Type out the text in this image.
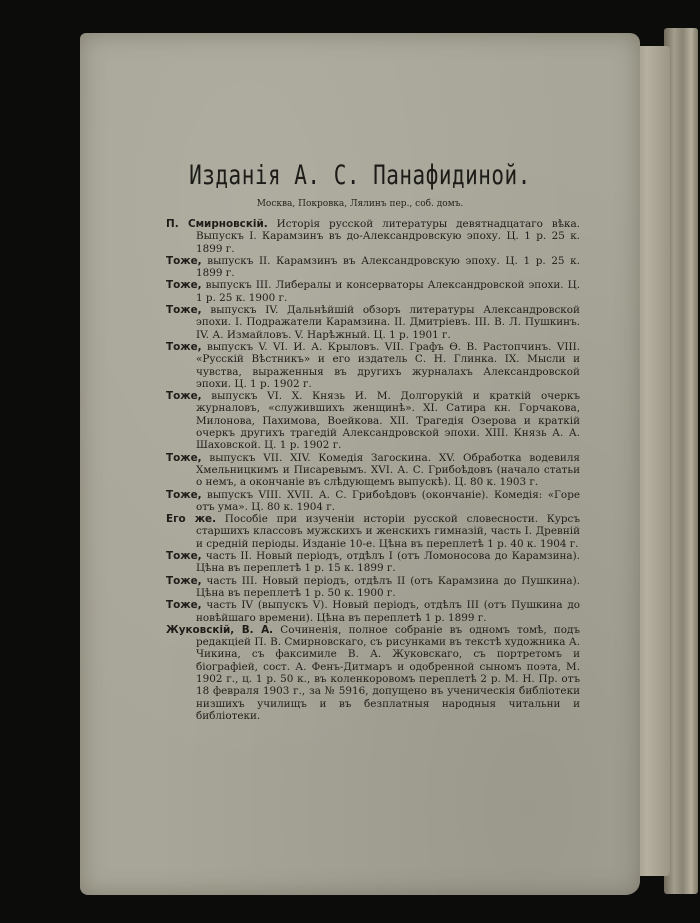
Изданія А. С. Панафидиной.
Москва, Покровка, Лялинъ пер., соб. домъ.
П. Смирновскій. Исторія русской литературы девятнадцатаго вѣка. Выпускъ I. Карамзинъ въ до-Александровскую эпоху. Ц. 1 р. 25 к. 1899 г.
Тоже, выпускъ II. Карамзинъ въ Александровскую эпоху. Ц. 1 р. 25 к. 1899 г.
Тоже, выпускъ III. Либералы и консерваторы Александровской эпохи. Ц. 1 р. 25 к. 1900 г.
Тоже, выпускъ IV. Дальнѣйшій обзоръ литературы Александровской эпохи. I. Подражатели Карамзина. II. Дмитріевъ. III. В. Л. Пушкинъ. IV. А. Измайловъ. V. Нарѣжный. Ц. 1 р. 1901 г.
Тоже, выпускъ V. VI. И. А. Крыловъ. VII. Графъ Ѳ. В. Растопчинъ. VIII. «Русскій Вѣстникъ» и его издатель С. Н. Глинка. IX. Мысли и чувства, выраженныя въ другихъ журналахъ Александровской эпохи. Ц. 1 р. 1902 г.
Тоже, выпускъ VI. X. Князь И. М. Долгорукій и краткій очеркъ журналовъ, «служившихъ женщинѣ». XI. Сатира кн. Горчакова, Милонова, Пахимова, Воейкова. XII. Трагедія Озерова и краткій очеркъ другихъ трагедій Александровской эпохи. XIII. Князь А. А. Шаховской. Ц. 1 р. 1902 г.
Тоже, выпускъ VII. XIV. Комедія Загоскина. XV. Обработка водевиля Хмельницкимъ и Писаревымъ. XVI. А. С. Грибоѣдовъ (начало статьи о немъ, а окончаніе въ слѣдующемъ выпускѣ). Ц. 80 к. 1903 г.
Тоже, выпускъ VIII. XVII. А. С. Грибоѣдовъ (окончаніе). Комедія: «Горе отъ ума». Ц. 80 к. 1904 г.
Его же. Пособіе при изученіи исторіи русской словесности. Курсъ старшихъ классовъ мужскихъ и женскихъ гимназій, часть I. Древній и средній періоды. Изданіе 10-е. Цѣна въ переплетѣ 1 р. 40 к. 1904 г.
Тоже, часть II. Новый періодъ, отдѣлъ I (отъ Ломоносова до Карамзина). Цѣна въ переплетѣ 1 р. 15 к. 1899 г.
Тоже, часть III. Новый періодъ, отдѣлъ II (отъ Карамзина до Пушкина). Цѣна въ переплетѣ 1 р. 50 к. 1900 г.
Тоже, часть IV (выпускъ V). Новый періодъ, отдѣлъ III (отъ Пушкина до новѣйшаго времени). Цѣна въ переплетѣ 1 р. 1899 г.
Жуковскій, В. А. Сочиненія, полное собраніе въ одномъ томѣ, подъ редакціей П. В. Смирновскаго, съ рисунками въ текстѣ художника А. Чикина, съ факсимиле В. А. Жуковскаго, съ портретомъ и біографіей, сост. А. Фенъ-Дитмаръ и одобренной сыномъ поэта, М. 1902 г., ц. 1 р. 50 к., въ коленкоровомъ переплетѣ 2 р. М. Н. Пр. отъ 18 февраля 1903 г., за № 5916, допущено въ ученическія библіотеки низшихъ училищъ и въ безплатныя народныя читальни и библіотеки.
